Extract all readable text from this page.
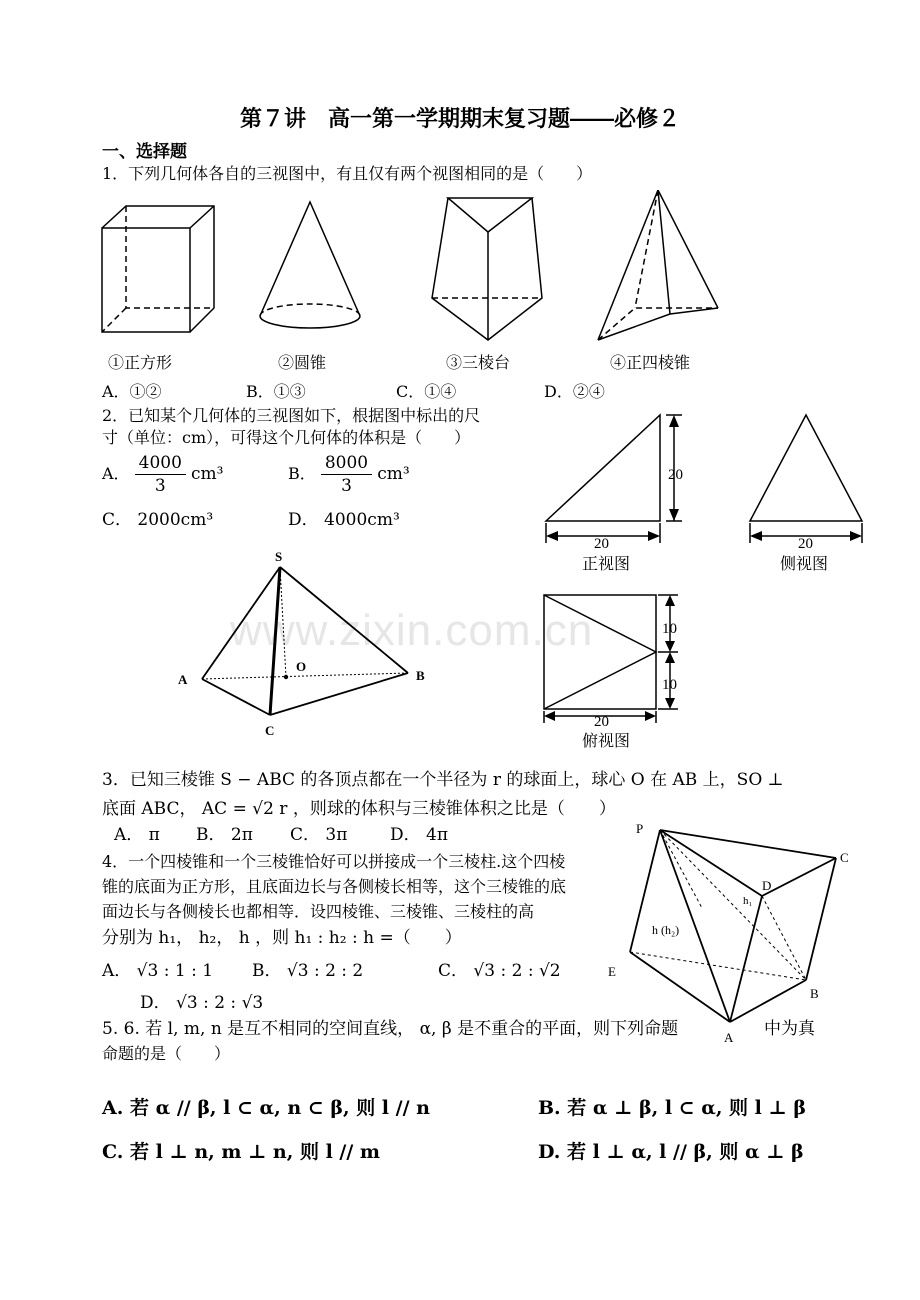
www.zixin.com.cn
第７讲　高一第一学期期末复习题——必修２
一、选择题
1．下列几何体各自的三视图中，有且仅有两个视图相同的是（　　）
①正方形	②圆锥	③三棱台	④正四棱锥
A．①②	B．①③	C．①④	D．②④
2．已知某个几何体的三视图如下，根据图中标出的尺
寸（单位：cm），可得这个几何体的体积是（　　）
A． $\frac{4000}{3} cm^3$	B． $\frac{8000}{3} cm^3$
C． 2000cm³	D． 4000cm³
20
20	20
10
10
20
正视图	侧视图
俯视图
S
A	B
C
O
3．已知三棱锥 S − ABC 的各顶点都在一个半径为 r 的球面上，球心 O 在 AB 上，SO ⊥
底面 ABC， AC = √2 r ，则球的体积与三棱锥体积之比是（　　）
A． π B． 2π C． 3π	D． 4π
4．一个四棱锥和一个三棱锥恰好可以拼接成一个三棱柱.这个四棱
锥的底面为正方形，且底面边长与各侧棱长相等，这个三棱锥的底
面边长与各侧棱长也都相等．设四棱锥、三棱锥、三棱柱的高
分别为 h₁， h₂， h ，则 h₁ : h₂ : h =（　　）
A． √3 : 1 : 1 B． √3 : 2 : 2	C． √3 : 2 : √2
D． √3 : 2 : √3
P
C
D
E
B
A
h₁
h (h₂)
5. 6. 若 l, m, n 是互不相同的空间直线， α, β 是不重合的平面，则下列命题	中为真
命题的是（　　）
A. 若 α // β, l ⊂ α, n ⊂ β, 则 l // n	B. 若 α ⊥ β, l ⊂ α, 则 l ⊥ β
C. 若 l ⊥ n, m ⊥ n, 则 l // m	D. 若 l ⊥ α, l // β, 则 α ⊥ β
